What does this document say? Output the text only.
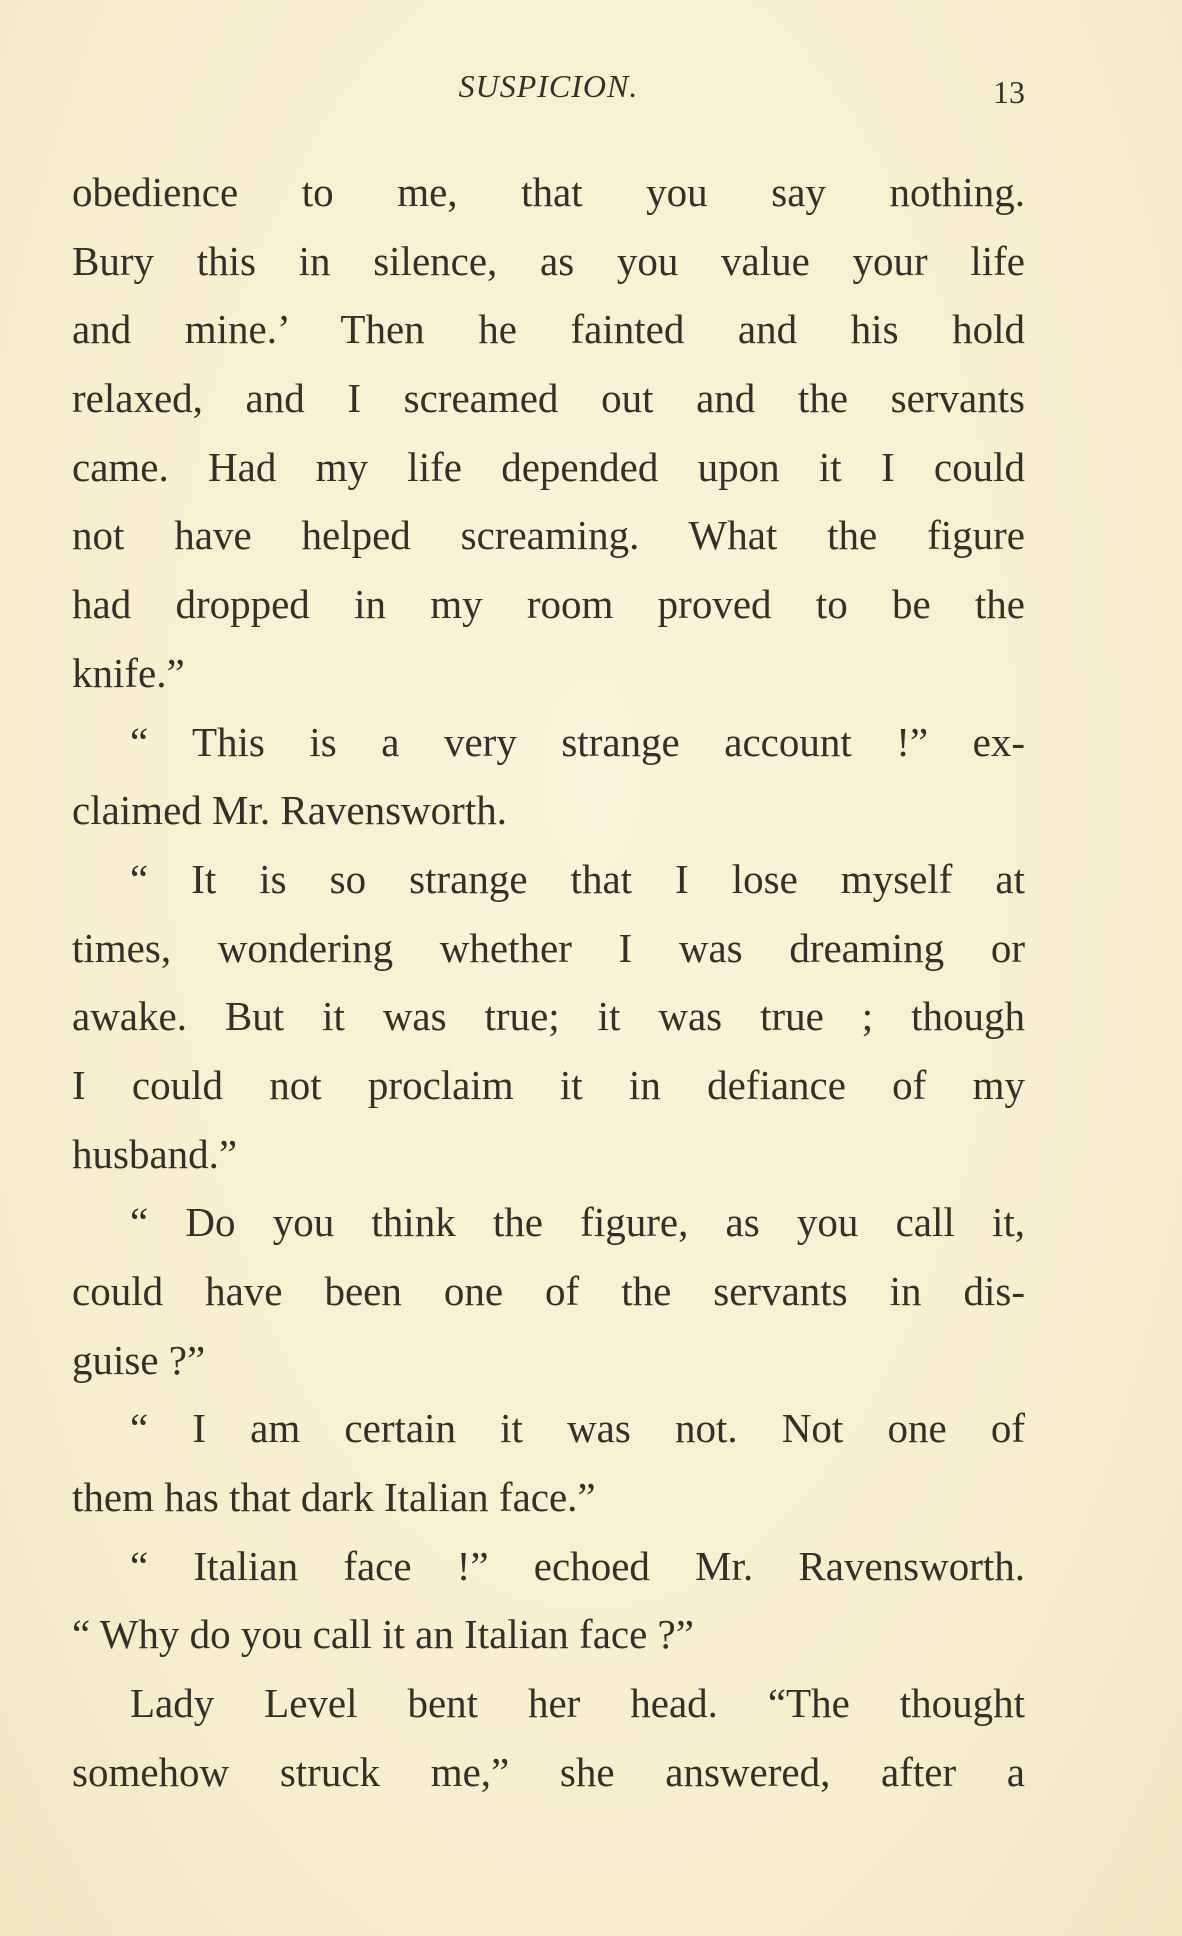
SUSPICION.	13
obedience to me, that you say nothing.
Bury this in silence, as you value your life
and mine.’ Then he fainted and his hold
relaxed, and I screamed out and the servants
came. Had my life depended upon it I could
not have helped screaming. What the figure
had dropped in my room proved to be the
knife.”
“ This is a very strange account !” ex-
claimed Mr. Ravensworth.
“ It is so strange that I lose myself at
times, wondering whether I was dreaming or
awake. But it was true; it was true ; though
I could not proclaim it in defiance of my
husband.”
“ Do you think the figure, as you call it,
could have been one of the servants in dis-
guise ?”
“ I am certain it was not. Not one of
them has that dark Italian face.”
“ Italian face !” echoed Mr. Ravensworth.
“ Why do you call it an Italian face ?”
Lady Level bent her head. “The thought
somehow struck me,” she answered, after a
